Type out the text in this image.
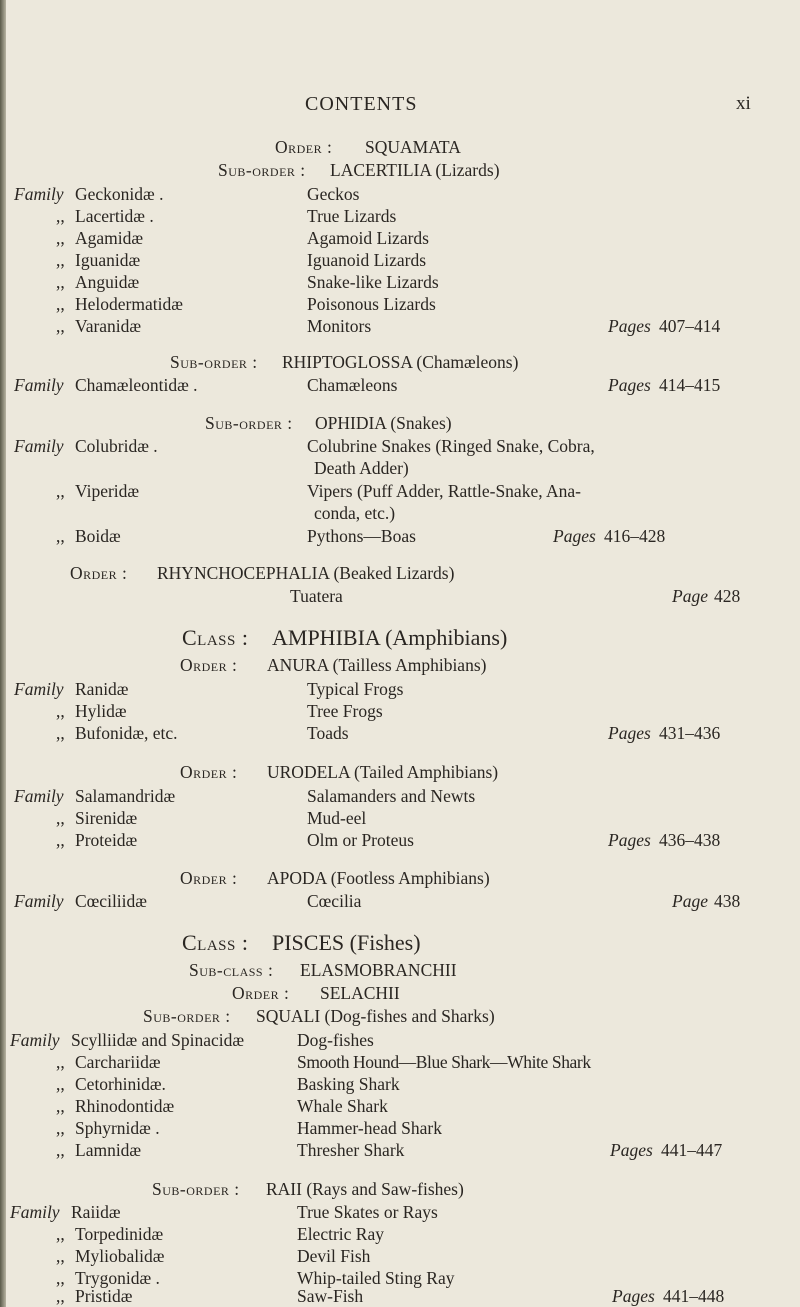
CONTENTS	xi
Order : SQUAMATA
Sub-order : LACERTILIA (Lizards)
Family Geckonidæ .	Geckos
,, Lacertidæ .	True Lizards
,, Agamidæ	Agamoid Lizards
,, Iguanidæ	Iguanoid Lizards
,, Anguidæ	Snake-like Lizards
,, Helodermatidæ	Poisonous Lizards
,, Varanidæ	Monitors	Pages 407–414
Sub-order : RHIPTOGLOSSA (Chamæleons)
Family Chamæleontidæ .	Chamæleons	Pages 414–415
Sub-order : OPHIDIA (Snakes)
Family Colubridæ .	Colubrine Snakes (Ringed Snake, Cobra,
Death Adder)
,, Viperidæ	Vipers (Puff Adder, Rattle-Snake, Ana-
conda, etc.)
,, Boidæ	Pythons—Boas	Pages 416–428
Order : RHYNCHOCEPHALIA (Beaked Lizards)
Tuatera	Page 428
Class : AMPHIBIA (Amphibians)
Order : ANURA (Tailless Amphibians)
Family Ranidæ	Typical Frogs
,, Hylidæ	Tree Frogs
,, Bufonidæ, etc.	Toads	Pages 431–436
Order : URODELA (Tailed Amphibians)
Family Salamandridæ	Salamanders and Newts
,, Sirenidæ	Mud-eel
,, Proteidæ	Olm or Proteus	Pages 436–438
Order : APODA (Footless Amphibians)
Family Cœciliidæ	Cœcilia	Page 438
Class : PISCES (Fishes)
Sub-class : ELASMOBRANCHII
Order : SELACHII
Sub-order : SQUALI (Dog-fishes and Sharks)
Family Scylliidæ and Spinacidæ	Dog-fishes
,, Carchariidæ	Smooth Hound—Blue Shark—White Shark
,, Cetorhinidæ.	Basking Shark
,, Rhinodontidæ	Whale Shark
,, Sphyrnidæ .	Hammer-head Shark
,, Lamnidæ	Thresher Shark	Pages 441–447
Sub-order : RAII (Rays and Saw-fishes)
Family Raiidæ	True Skates or Rays
,, Torpedinidæ	Electric Ray
,, Myliobalidæ	Devil Fish
,, Trygonidæ .	Whip-tailed Sting Ray
,, Pristidæ	Saw-Fish	Pages 441–448
